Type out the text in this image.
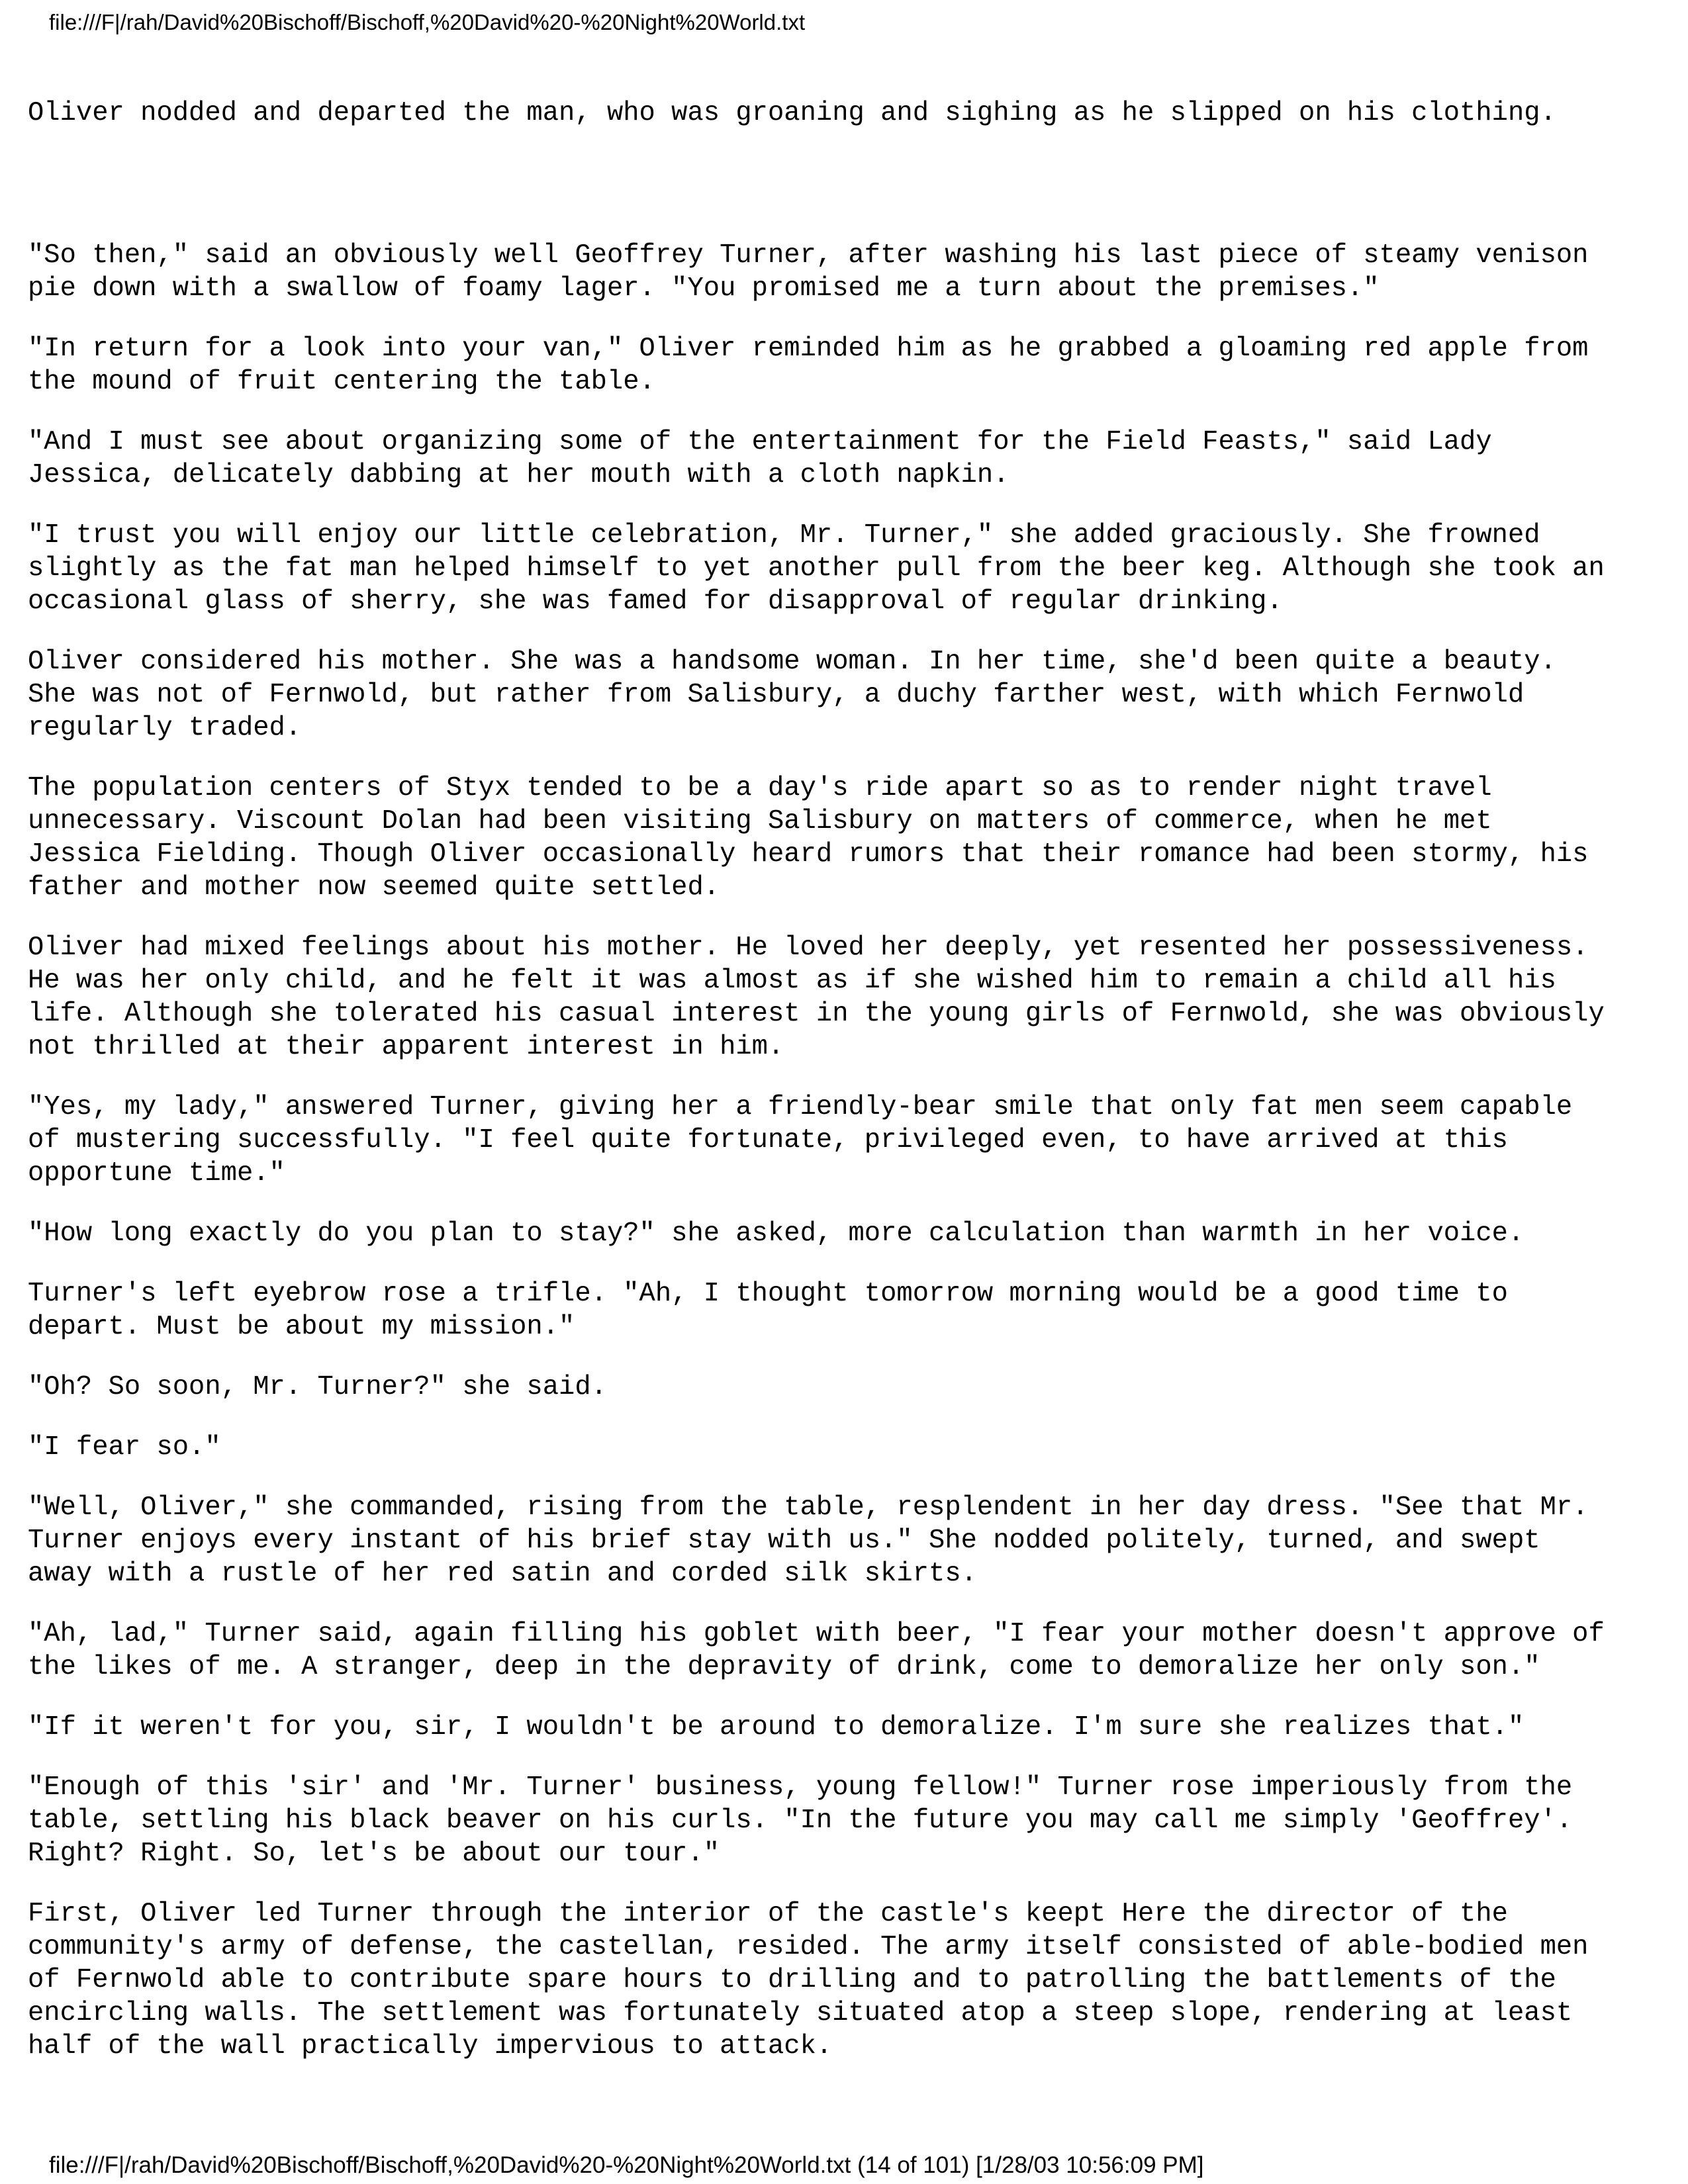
file:///F|/rah/David%20Bischoff/Bischoff,%20David%20-%20Night%20World.txt

Oliver nodded and departed the man, who was groaning and sighing as he slipped on his clothing.

"So then," said an obviously well Geoffrey Turner, after washing his last piece of steamy venison
pie down with a swallow of foamy lager. "You promised me a turn about the premises."

"In return for a look into your van," Oliver reminded him as he grabbed a gloaming red apple from
the mound of fruit centering the table.

"And I must see about organizing some of the entertainment for the Field Feasts," said Lady
Jessica, delicately dabbing at her mouth with a cloth napkin.

"I trust you will enjoy our little celebration, Mr. Turner," she added graciously. She frowned
slightly as the fat man helped himself to yet another pull from the beer keg. Although she took an
occasional glass of sherry, she was famed for disapproval of regular drinking.

Oliver considered his mother. She was a handsome woman. In her time, she'd been quite a beauty.
She was not of Fernwold, but rather from Salisbury, a duchy farther west, with which Fernwold
regularly traded.

The population centers of Styx tended to be a day's ride apart so as to render night travel
unnecessary. Viscount Dolan had been visiting Salisbury on matters of commerce, when he met
Jessica Fielding. Though Oliver occasionally heard rumors that their romance had been stormy, his
father and mother now seemed quite settled.

Oliver had mixed feelings about his mother. He loved her deeply, yet resented her possessiveness.
He was her only child, and he felt it was almost as if she wished him to remain a child all his
life. Although she tolerated his casual interest in the young girls of Fernwold, she was obviously
not thrilled at their apparent interest in him.

"Yes, my lady," answered Turner, giving her a friendly-bear smile that only fat men seem capable
of mustering successfully. "I feel quite fortunate, privileged even, to have arrived at this
opportune time."

"How long exactly do you plan to stay?" she asked, more calculation than warmth in her voice.

Turner's left eyebrow rose a trifle. "Ah, I thought tomorrow morning would be a good time to
depart. Must be about my mission."

"Oh? So soon, Mr. Turner?" she said.

"I fear so."

"Well, Oliver," she commanded, rising from the table, resplendent in her day dress. "See that Mr.
Turner enjoys every instant of his brief stay with us." She nodded politely, turned, and swept
away with a rustle of her red satin and corded silk skirts.

"Ah, lad," Turner said, again filling his goblet with beer, "I fear your mother doesn't approve of
the likes of me. A stranger, deep in the depravity of drink, come to demoralize her only son."

"If it weren't for you, sir, I wouldn't be around to demoralize. I'm sure she realizes that."

"Enough of this 'sir' and 'Mr. Turner' business, young fellow!" Turner rose imperiously from the
table, settling his black beaver on his curls. "In the future you may call me simply 'Geoffrey'.
Right? Right. So, let's be about our tour."

First, Oliver led Turner through the interior of the castle's keept Here the director of the
community's army of defense, the castellan, resided. The army itself consisted of able-bodied men
of Fernwold able to contribute spare hours to drilling and to patrolling the battlements of the
encircling walls. The settlement was fortunately situated atop a steep slope, rendering at least
half of the wall practically impervious to attack.

file:///F|/rah/David%20Bischoff/Bischoff,%20David%20-%20Night%20World.txt (14 of 101) [1/28/03 10:56:09 PM]
